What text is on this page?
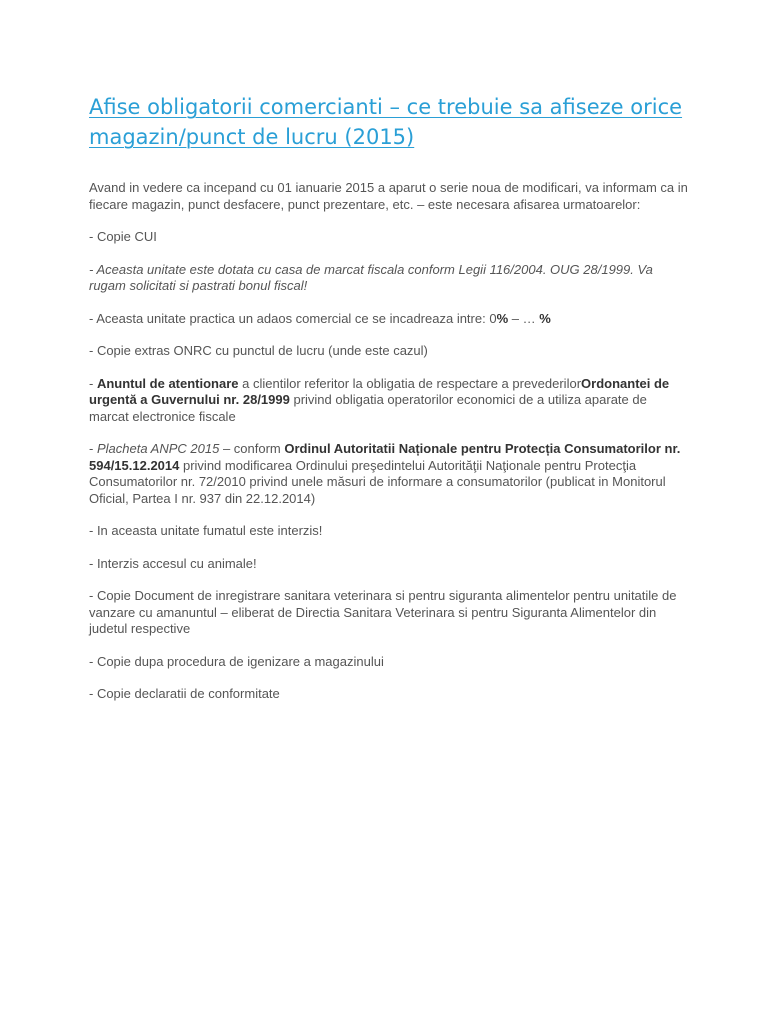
Afise obligatorii comercianti – ce trebuie sa afiseze orice magazin/punct de lucru (2015)

Avand in vedere ca incepand cu 01 ianuarie 2015 a aparut o serie noua de modificari, va informam ca in fiecare magazin, punct desfacere, punct prezentare, etc. – este necesara afisarea urmatoarelor:

- Copie CUI

- Aceasta unitate este dotata cu casa de marcat fiscala conform Legii 116/2004. OUG 28/1999. Va rugam solicitati si pastrati bonul fiscal!

- Aceasta unitate practica un adaos comercial ce se incadreaza intre: 0% – … %

- Copie extras ONRC cu punctul de lucru (unde este cazul)

- Anuntul de atentionare a clientilor referitor la obligatia de respectare a prevederilorOrdonantei de urgentă a Guvernului nr. 28/1999 privind obligatia operatorilor economici de a utiliza aparate de marcat electronice fiscale

- Placheta ANPC 2015 – conform Ordinul Autoritatii Naționale pentru Protecția Consumatorilor nr. 594/15.12.2014 privind modificarea Ordinului preşedintelui Autorităţii Naţionale pentru Protecţia Consumatorilor nr. 72/2010 privind unele măsuri de informare a consumatorilor (publicat in Monitorul Oficial, Partea I nr. 937 din 22.12.2014)

- In aceasta unitate fumatul este interzis!

- Interzis accesul cu animale!

- Copie Document de inregistrare sanitara veterinara si pentru siguranta alimentelor pentru unitatile de vanzare cu amanuntul – eliberat de Directia Sanitara Veterinara si pentru Siguranta Alimentelor din judetul respective

- Copie dupa procedura de igenizare a magazinului

- Copie declaratii de conformitate
